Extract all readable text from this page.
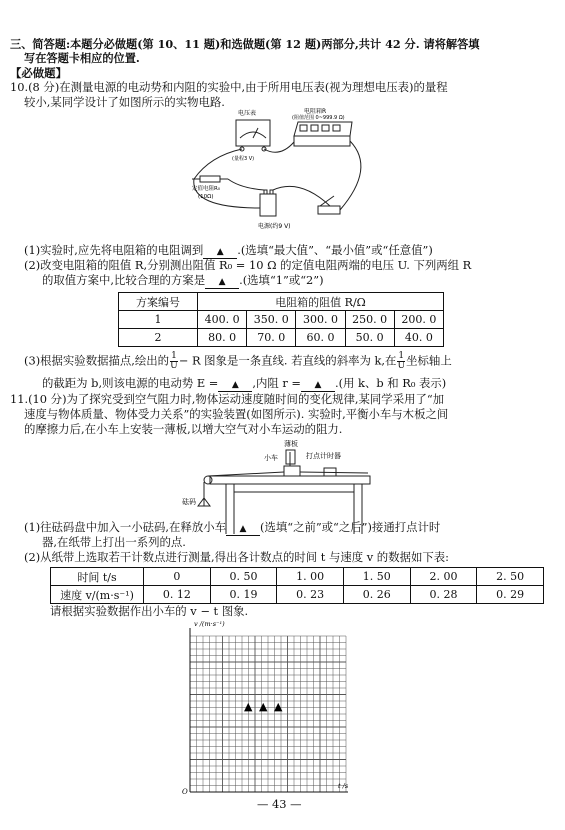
三、简答题:本题分必做题(第 10、11 题)和选做题(第 12 题)两部分,共计 42 分. 请将解答填
写在答题卡相应的位置.
【必做题】
10.(8 分)在测量电源的电动势和内阻的实验中,由于所用电压表(视为理想电压表)的量程
较小,某同学设计了如图所示的实物电路.
电压表
(量程3 V)
电阻箱R
(阻值范围 0~999.9 Ω)
定值电阻R₀
(10Ω)
电源(约9 V)
(1)实验时,应先将电阻箱的电阻调到 ▲ .(选填“最大值”、“最小值”或“任意值”)
(2)改变电阻箱的阻值 R,分别测出阻值 R₀ = 10 Ω 的定值电阻两端的电压 U. 下列两组 R
的取值方案中,比较合理的方案是 ▲ .(选填“1”或“2”)
方案编号	电阻箱的阻值 R/Ω				
1	400. 0	350. 0	300. 0	250. 0	200. 0
2	80. 0	70. 0	60. 0	50. 0	40. 0
(3)根据实验数据描点,绘出的 $\frac{1}{U} - R$ 图象是一条直线. 若直线的斜率为 k,在 $\frac{1}{U}$ 坐标轴上
的截距为 b,则该电源的电动势 E = ▲ ,内阻 r = ▲ .(用 k、b 和 R₀ 表示)
11.(10 分)为了探究受到空气阻力时,物体运动速度随时间的变化规律,某同学采用了“加
速度与物体质量、物体受力关系”的实验装置(如图所示). 实验时,平衡小车与木板之间
的摩擦力后,在小车上安装一薄板,以增大空气对小车运动的阻力.
薄板
小车	打点计时器
砝码
(1)往砝码盘中加入一小砝码,在释放小车 ▲ (选填“之前”或“之后”)接通打点计时
器,在纸带上打出一系列的点.
(2)从纸带上选取若干计数点进行测量,得出各计数点的时间 t 与速度 v 的数据如下表:
时间 t/s	0	0. 50	1. 00	1. 50	2. 00	2. 50
速度 v/(m·s⁻¹)	0. 12	0. 19	0. 23	0. 26	0. 28	0. 29
请根据实验数据作出小车的 v − t 图象.
v /(m·s⁻¹)
t /s
O
▲ ▲ ▲
— 43 —
